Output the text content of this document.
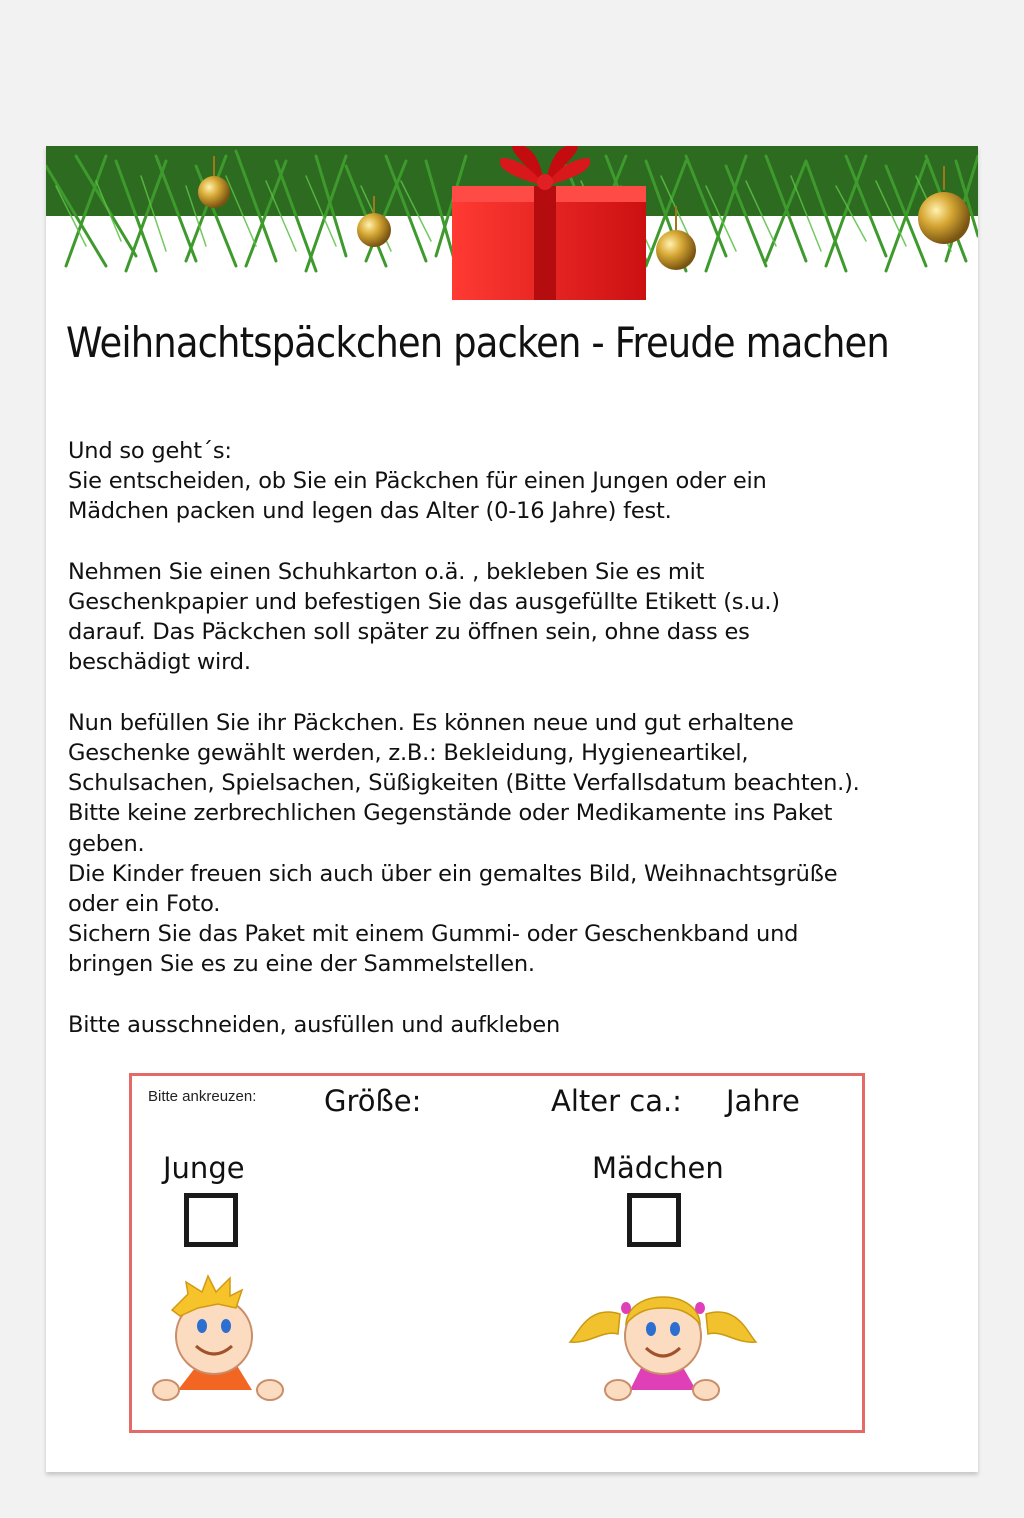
Weihnachtspäckchen packen - Freude machen

Und so geht´s:
Sie entscheiden, ob Sie ein Päckchen für einen Jungen oder ein
Mädchen packen und legen das Alter (0-16 Jahre) fest.

Nehmen Sie einen Schuhkarton o.ä. , bekleben Sie es mit
Geschenkpapier und befestigen Sie das ausgefüllte Etikett (s.u.)
darauf. Das Päckchen soll später zu öffnen sein, ohne dass es
beschädigt wird.

Nun befüllen Sie ihr Päckchen. Es können neue und gut erhaltene
Geschenke gewählt werden, z.B.: Bekleidung, Hygieneartikel,
Schulsachen, Spielsachen, Süßigkeiten (Bitte Verfallsdatum beachten.).
Bitte keine zerbrechlichen Gegenstände oder Medikamente ins Paket
geben.
Die Kinder freuen sich auch über ein gemaltes Bild, Weihnachtsgrüße
oder ein Foto.
Sichern Sie das Paket mit einem Gummi- oder Geschenkband und
bringen Sie es zu eine der Sammelstellen.

Bitte ausschneiden, ausfüllen und aufkleben

Bitte ankreuzen: Größe:	Alter ca.: Jahre
Junge	Mädchen
